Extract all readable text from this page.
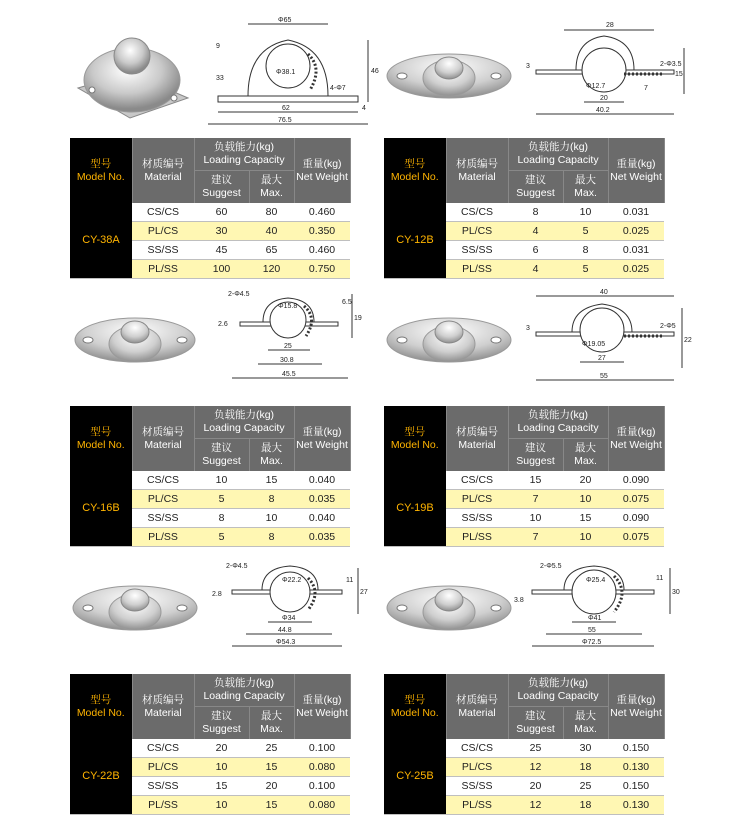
Φ65
9
33
Φ38.1	46
4-Φ7
4
62
76.5
型号
Model No.	材质编号
Material	负载能力(kg)
Loading Capacity		重量(kg)
Net Weight
		建议
Suggest	最大
Max.	
CY-38A	CS/CS	60	80	0.460
	PL/CS	30	40	0.350
	SS/SS	45	65	0.460
	PL/SS	100	120	0.750
28
3
Φ12.7
2-Φ3.5
15
7
20
40.2
型号
Model No.	材质编号
Material	负载能力(kg)
Loading Capacity		重量(kg)
Net Weight
		建议
Suggest	最大
Max.	
CY-12B	CS/CS	8	10	0.031
	PL/CS	4	5	0.025
	SS/SS	6	8	0.031
	PL/SS	4	5	0.025
2-Φ4.5
Φ15.8
6.5
2.6
19
25
30.8
45.5
型号
Model No.	材质编号
Material	负载能力(kg)
Loading Capacity		重量(kg)
Net Weight
		建议
Suggest	最大
Max.	
CY-16B	CS/CS	10	15	0.040
	PL/CS	5	8	0.035
	SS/SS	8	10	0.040
	PL/SS	5	8	0.035
40
3
Φ19.05
2-Φ5
22
27
55
型号
Model No.	材质编号
Material	负载能力(kg)
Loading Capacity		重量(kg)
Net Weight
		建议
Suggest	最大
Max.	
CY-19B	CS/CS	15	20	0.090
	PL/CS	7	10	0.075
	SS/SS	10	15	0.090
	PL/SS	7	10	0.075
2-Φ4.5
Φ22.2	11
2.8	27
Φ34
44.8
Φ54.3
型号
Model No.	材质编号
Material	负载能力(kg)
Loading Capacity		重量(kg)
Net Weight
		建议
Suggest	最大
Max.	
CY-22B	CS/CS	20	25	0.100
	PL/CS	10	15	0.080
	SS/SS	15	20	0.100
	PL/SS	10	15	0.080
2-Φ5.5
Φ25.4	11
3.8
30
Φ41
55
Φ72.5
型号
Model No.	材质编号
Material	负载能力(kg)
Loading Capacity		重量(kg)
Net Weight
		建议
Suggest	最大
Max.	
CY-25B	CS/CS	25	30	0.150
	PL/CS	12	18	0.130
	SS/SS	20	25	0.150
	PL/SS	12	18	0.130
